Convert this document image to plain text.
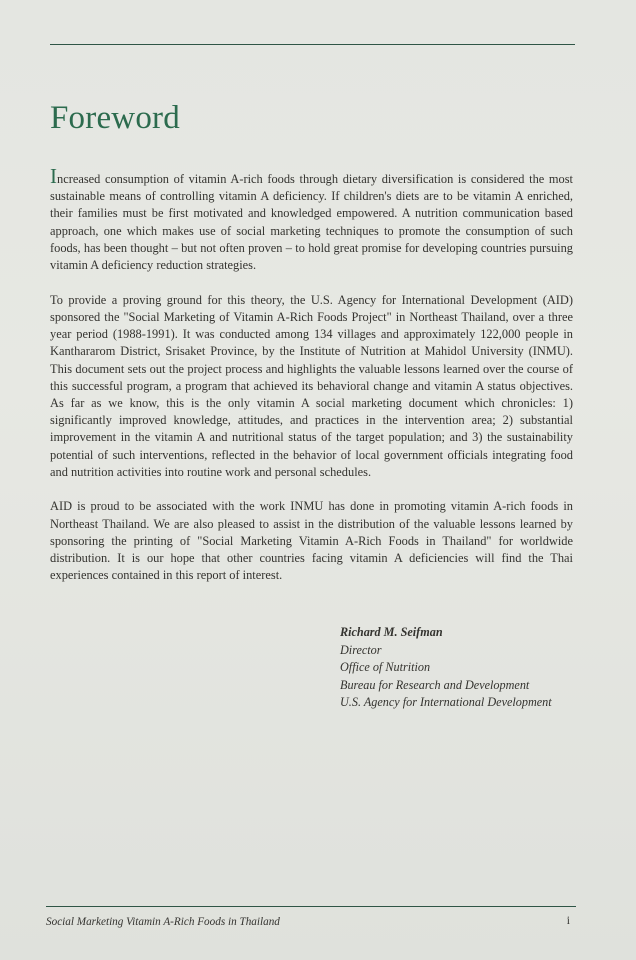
Foreword

Increased consumption of vitamin A-rich foods through dietary diversification is considered the most sustainable means of controlling vitamin A deficiency. If children's diets are to be vitamin A enriched, their families must be first motivated and knowledged empowered. A nutrition communication based approach, one which makes use of social marketing techniques to promote the consumption of such foods, has been thought – but not often proven – to hold great promise for developing countries pursuing vitamin A deficiency reduction strategies.

To provide a proving ground for this theory, the U.S. Agency for International Development (AID) sponsored the "Social Marketing of Vitamin A-Rich Foods Project" in Northeast Thailand, over a three year period (1988-1991). It was conducted among 134 villages and approximately 122,000 people in Kanthararom District, Srisaket Province, by the Institute of Nutrition at Mahidol University (INMU). This document sets out the project process and highlights the valuable lessons learned over the course of this successful program, a program that achieved its behavioral change and vitamin A status objectives. As far as we know, this is the only vitamin A social marketing document which chronicles: 1) significantly improved knowledge, attitudes, and practices in the intervention area; 2) substantial improvement in the vitamin A and nutritional status of the target population; and 3) the sustainability potential of such interventions, reflected in the behavior of local government officials integrating food and nutrition activities into routine work and personal schedules.

AID is proud to be associated with the work INMU has done in promoting vitamin A-rich foods in Northeast Thailand. We are also pleased to assist in the distribution of the valuable lessons learned by sponsoring the printing of "Social Marketing Vitamin A-Rich Foods in Thailand" for worldwide distribution. It is our hope that other countries facing vitamin A deficiencies will find the Thai experiences contained in this report of interest.

Richard M. Seifman
Director
Office of Nutrition
Bureau for Research and Development
U.S. Agency for International Development
Social Marketing Vitamin A-Rich Foods in Thailand	i
